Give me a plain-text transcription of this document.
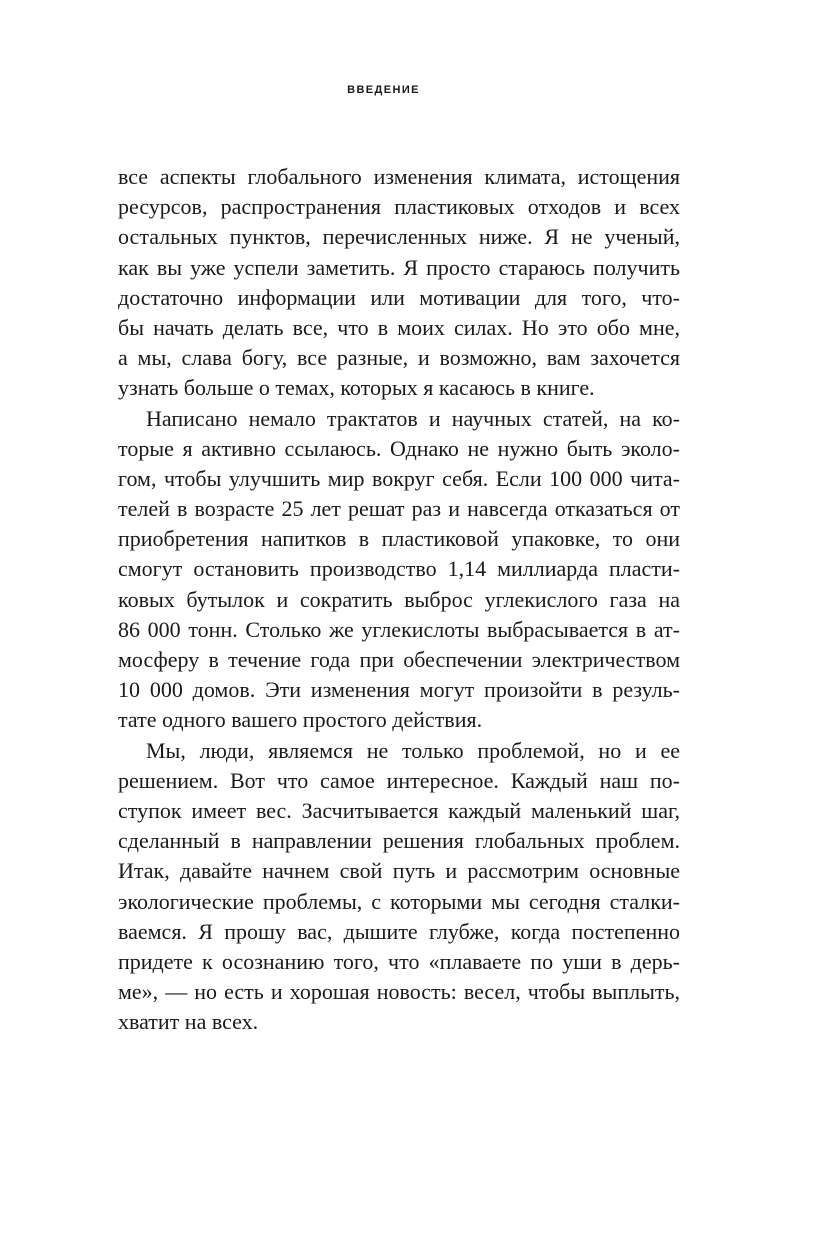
ВВЕДЕНИЕ
все аспекты глобального изменения климата, истощения
ресурсов, распространения пластиковых отходов и всех
остальных пунктов, перечисленных ниже. Я не ученый,
как вы уже успели заметить. Я просто стараюсь получить
достаточно информации или мотивации для того, что-
бы начать делать все, что в моих силах. Но это обо мне,
а мы, слава богу, все разные, и возможно, вам захочется
узнать больше о темах, которых я касаюсь в книге.
Написано немало трактатов и научных статей, на ко-
торые я активно ссылаюсь. Однако не нужно быть эколо-
гом, чтобы улучшить мир вокруг себя. Если 100 000 чита-
телей в возрасте 25 лет решат раз и навсегда отказаться от
приобретения напитков в пластиковой упаковке, то они
смогут остановить производство 1,14 миллиарда пласти-
ковых бутылок и сократить выброс углекислого газа на
86 000 тонн. Столько же углекислоты выбрасывается в ат-
мосферу в течение года при обеспечении электричеством
10 000 домов. Эти изменения могут произойти в резуль-
тате одного вашего простого действия.
Мы, люди, являемся не только проблемой, но и ее
решением. Вот что самое интересное. Каждый наш по-
ступок имеет вес. Засчитывается каждый маленький шаг,
сделанный в направлении решения глобальных проблем.
Итак, давайте начнем свой путь и рассмотрим основные
экологические проблемы, с которыми мы сегодня сталки-
ваемся. Я прошу вас, дышите глубже, когда постепенно
придете к осознанию того, что «плаваете по уши в дерь-
ме», — но есть и хорошая новость: весел, чтобы выплыть,
хватит на всех.
